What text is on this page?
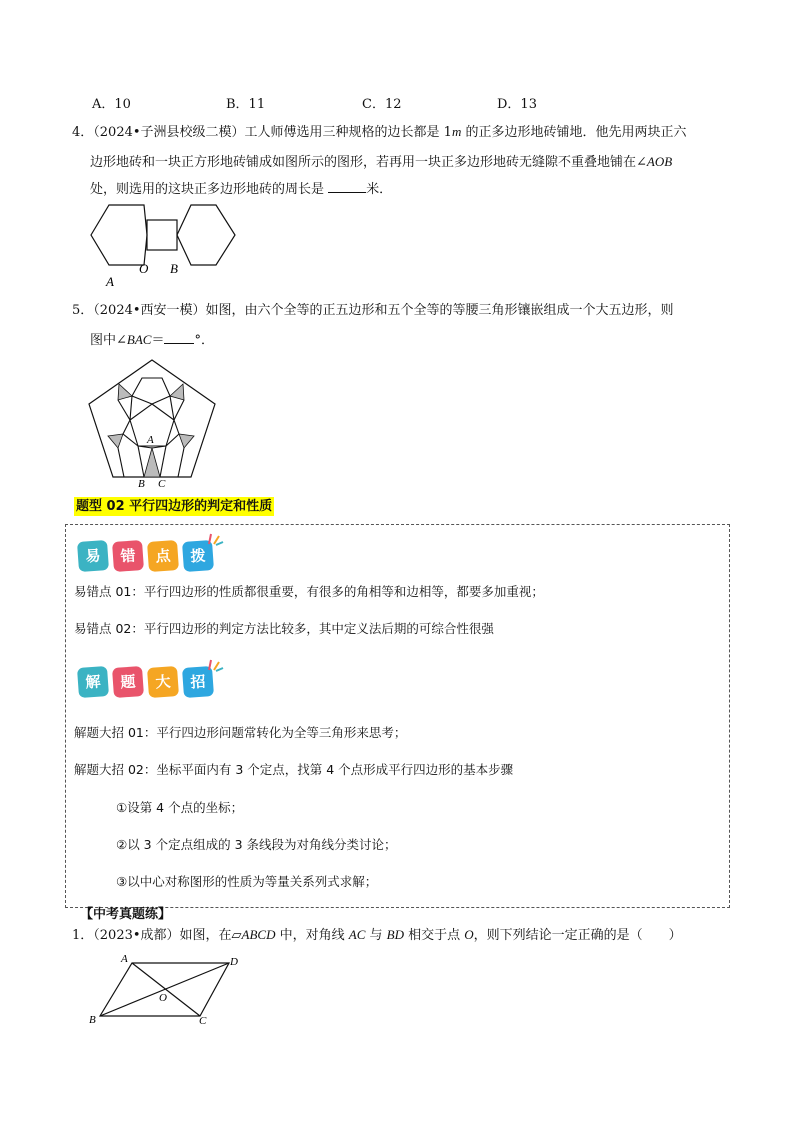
A．10	B．11	C．12	D．13
4．（2024•子洲县校级二模）工人师傅选用三种规格的边长都是 1m 的正多边形地砖铺地．他先用两块正六
边形地砖和一块正方形地砖铺成如图所示的图形，若再用一块正多边形地砖无缝隙不重叠地铺在∠AOB
处，则选用的这块正多边形地砖的周长是	米．
A
O B
5．（2024•西安一模）如图，由六个全等的正五边形和五个全等的等腰三角形镶嵌组成一个大五边形，则
图中∠BAC＝ °．
A
B C
题型 02 平行四边形的判定和性质
易	错	点	拨
易错点 01：平行四边形的性质都很重要，有很多的角相等和边相等，都要多加重视；
易错点 02：平行四边形的判定方法比较多，其中定义法后期的可综合性很强
解	题	大	招
解题大招 01：平行四边形问题常转化为全等三角形来思考；
解题大招 02：坐标平面内有 3 个定点，找第 4 个点形成平行四边形的基本步骤
①设第 4 个点的坐标；
②以 3 个定点组成的 3 条线段为对角线分类讨论；
③以中心对称图形的性质为等量关系列式求解；
【中考真题练】
1．（2023•成都）如图，在▱ABCD 中，对角线 AC 与 BD 相交于点 O，则下列结论一定正确的是（　　）
A	D
O
B	C
